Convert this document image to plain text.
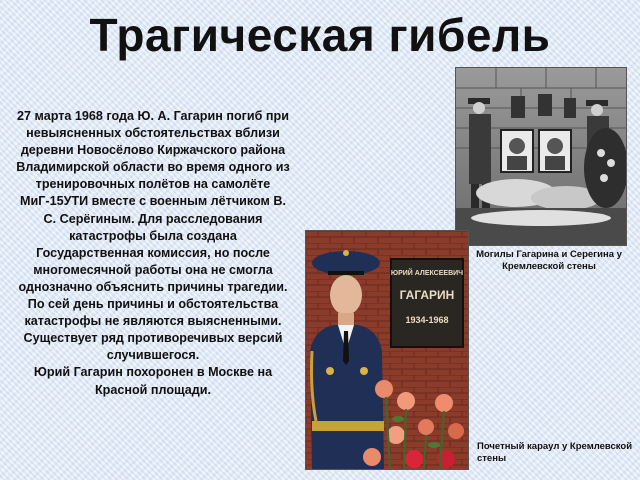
Трагическая гибель
27 марта 1968 года Ю. А. Гагарин погиб при невыясненных обстоятельствах вблизи деревни Новосёлово Киржачского района Владимирской области во время одного из тренировочных полётов на самолёте МиГ-15УТИ вместе с военным лётчиком В. С. Серёгиным. Для расследования катастрофы была создана Государственная комиссия, но после многомесячной работы она не смогла однозначно объяснить причины трагедии. По сей день причины и обстоятельства катастрофы не являются выясненными. Существует ряд противоречивых версий случившегося.
Юрий Гагарин похоронен в Москве на Красной площади.
Могилы Гагарина и Серегина у Кремлевской стены
ЮРИЙ АЛЕКСЕЕВИЧ
ГАГАРИН
1934-1968
Почетный караул у Кремлевской стены
